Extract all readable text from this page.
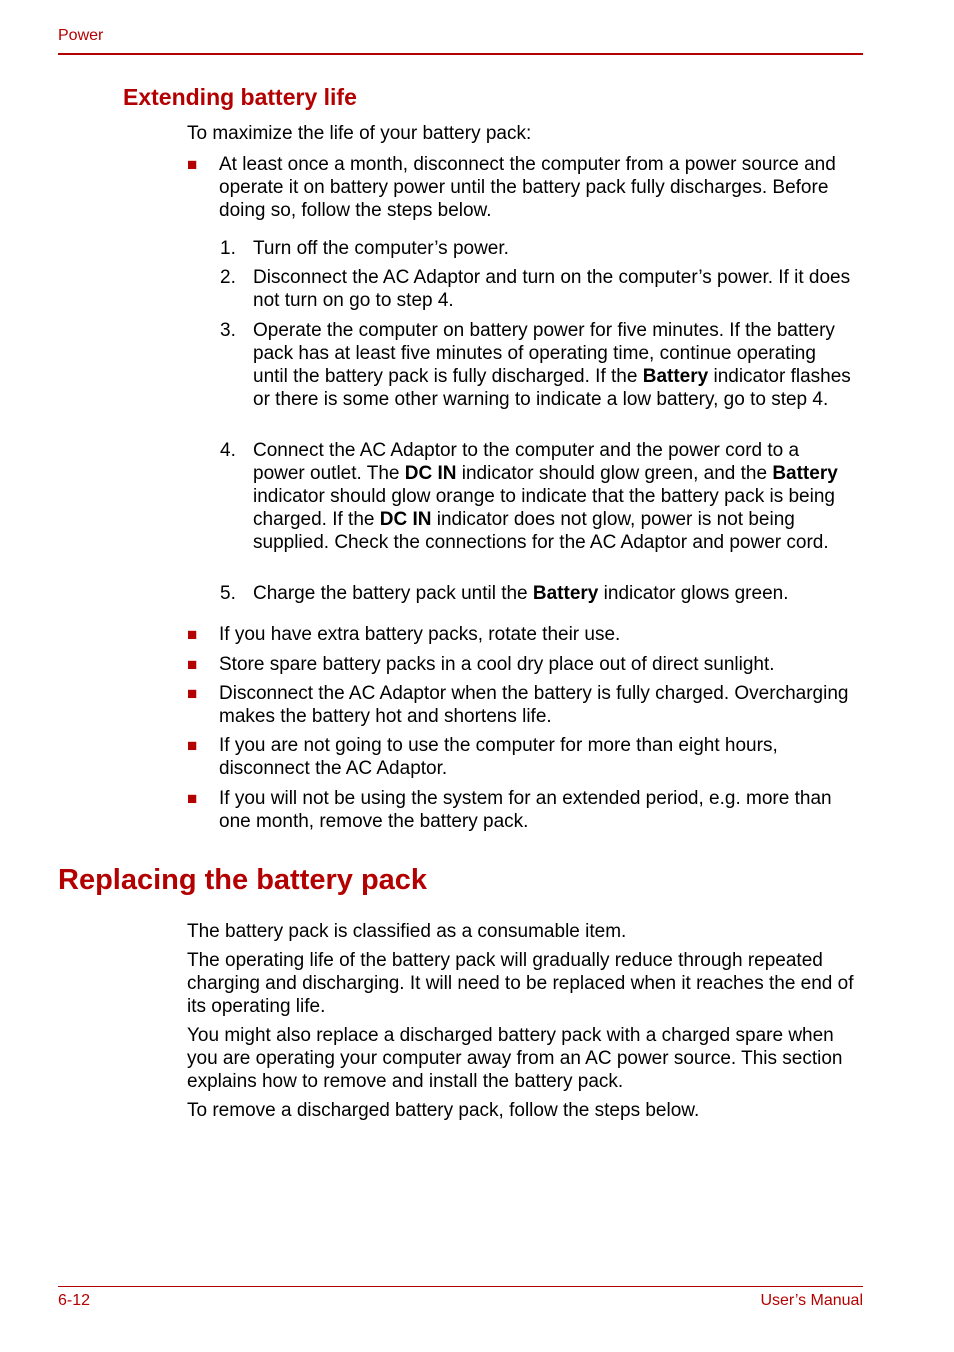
Power
Extending battery life

To maximize the life of your battery pack:

■ At least once a month, disconnect the computer from a power source and operate it on battery power until the battery pack fully discharges. Before doing so, follow the steps below.
1. Turn off the computer’s power.
2. Disconnect the AC Adaptor and turn on the computer’s power. If it does not turn on go to step 4.
3. Operate the computer on battery power for five minutes. If the battery pack has at least five minutes of operating time, continue operating until the battery pack is fully discharged. If the Battery indicator flashes or there is some other warning to indicate a low battery, go to step 4.
4. Connect the AC Adaptor to the computer and the power cord to a power outlet. The DC IN indicator should glow green, and the Battery indicator should glow orange to indicate that the battery pack is being charged. If the DC IN indicator does not glow, power is not being supplied. Check the connections for the AC Adaptor and power cord.
5. Charge the battery pack until the Battery indicator glows green.
■ If you have extra battery packs, rotate their use.
■ Store spare battery packs in a cool dry place out of direct sunlight.
■ Disconnect the AC Adaptor when the battery is fully charged. Overcharging makes the battery hot and shortens life.
■ If you are not going to use the computer for more than eight hours, disconnect the AC Adaptor.
■ If you will not be using the system for an extended period, e.g. more than one month, remove the battery pack.
Replacing the battery pack

The battery pack is classified as a consumable item.

The operating life of the battery pack will gradually reduce through repeated charging and discharging. It will need to be replaced when it reaches the end of its operating life.

You might also replace a discharged battery pack with a charged spare when you are operating your computer away from an AC power source. This section explains how to remove and install the battery pack.

To remove a discharged battery pack, follow the steps below.

6-12	User’s Manual
